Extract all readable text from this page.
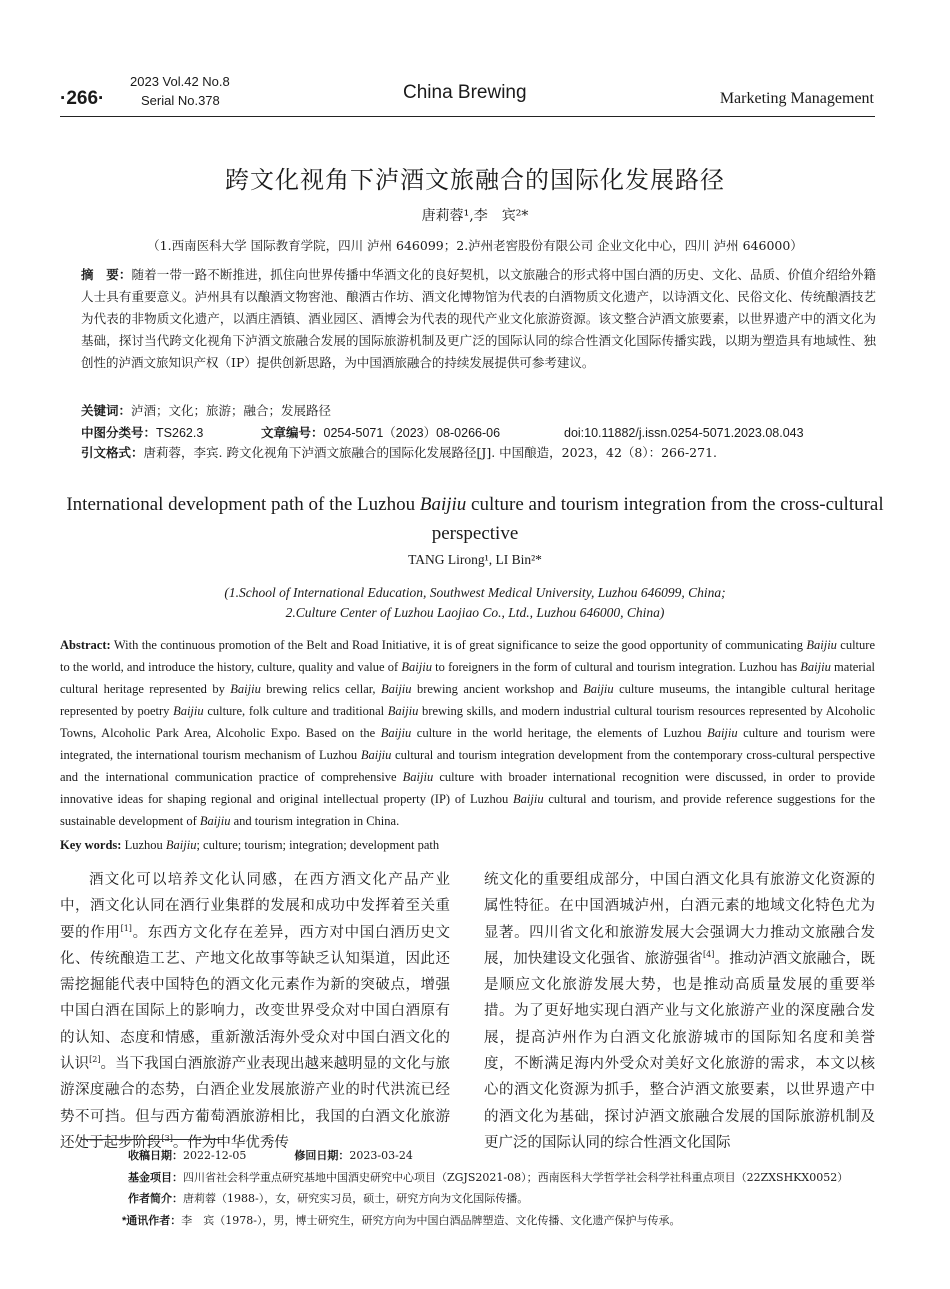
·266·
2023 Vol.42 No.8
Serial No.378	China Brewing	Marketing Management
跨文化视角下泸酒文旅融合的国际化发展路径
唐莉蓉¹,李　宾²*
（1.西南医科大学 国际教育学院，四川 泸州 646099；2.泸州老窖股份有限公司 企业文化中心，四川 泸州 646000）
摘　要：随着一带一路不断推进，抓住向世界传播中华酒文化的良好契机，以文旅融合的形式将中国白酒的历史、文化、品质、价值介绍给外籍人士具有重要意义。泸州具有以酿酒文物窖池、酿酒古作坊、酒文化博物馆为代表的白酒物质文化遗产，以诗酒文化、民俗文化、传统酿酒技艺为代表的非物质文化遗产，以酒庄酒镇、酒业园区、酒博会为代表的现代产业文化旅游资源。该文整合泸酒文旅要素，以世界遗产中的酒文化为基础，探讨当代跨文化视角下泸酒文旅融合发展的国际旅游机制及更广泛的国际认同的综合性酒文化国际传播实践，以期为塑造具有地域性、独创性的泸酒文旅知识产权（IP）提供创新思路，为中国酒旅融合的持续发展提供可参考建议。
关键词：泸酒；文化；旅游；融合；发展路径
中图分类号： TS262.3	文章编号： 0254-5071（2023）08-0266-06	doi:10.11882/j.issn.0254-5071.2023.08.043
引文格式：唐莉蓉，李宾. 跨文化视角下泸酒文旅融合的国际化发展路径[J]. 中国酿造，2023，42（8）：266-271.
International development path of the Luzhou Baijiu culture and tourism integration from the cross-cultural perspective
TANG Lirong¹, LI Bin²*
(1.School of International Education, Southwest Medical University, Luzhou 646099, China;
2.Culture Center of Luzhou Laojiao Co., Ltd., Luzhou 646000, China)
Abstract: With the continuous promotion of the Belt and Road Initiative, it is of great significance to seize the good opportunity of communicating Baijiu culture to the world, and introduce the history, culture, quality and value of Baijiu to foreigners in the form of cultural and tourism integration. Luzhou has Baijiu material cultural heritage represented by Baijiu brewing relics cellar, Baijiu brewing ancient workshop and Baijiu culture museums, the intangible cultural heritage represented by poetry Baijiu culture, folk culture and traditional Baijiu brewing skills, and modern industrial cultural tourism resources represented by Alcoholic Towns, Alcoholic Park Area, Alcoholic Expo. Based on the Baijiu culture in the world heritage, the elements of Luzhou Baijiu culture and tourism were integrated, the international tourism mechanism of Luzhou Baijiu cultural and tourism integration development from the contemporary cross-cultural perspective and the international communication practice of comprehensive Baijiu culture with broader international recognition were discussed, in order to provide innovative ideas for shaping regional and original intellectual property (IP) of Luzhou Baijiu cultural and tourism, and provide reference suggestions for the sustainable development of Baijiu and tourism integration in China.
Key words: Luzhou Baijiu; culture; tourism; integration; development path
酒文化可以培养文化认同感，在西方酒文化产品产业中，酒文化认同在酒行业集群的发展和成功中发挥着至关重要的作用[1]。东西方文化存在差异，西方对中国白酒历史文化、传统酿造工艺、产地文化故事等缺乏认知渠道，因此还需挖掘能代表中国特色的酒文化元素作为新的突破点，增强中国白酒在国际上的影响力，改变世界受众对中国白酒原有的认知、态度和情感，重新激活海外受众对中国白酒文化的认识[2]。当下我国白酒旅游产业表现出越来越明显的文化与旅游深度融合的态势，白酒企业发展旅游产业的时代洪流已经势不可挡。但与西方葡萄酒旅游相比，我国的白酒文化旅游还处于起步阶段[3]。作为中华优秀传
统文化的重要组成部分，中国白酒文化具有旅游文化资源的属性特征。在中国酒城泸州，白酒元素的地域文化特色尤为显著。四川省文化和旅游发展大会强调大力推动文旅融合发展，加快建设文化强省、旅游强省[4]。推动泸酒文旅融合，既是顺应文化旅游发展大势，也是推动高质量发展的重要举措。为了更好地实现白酒产业与文化旅游产业的深度融合发展，提高泸州作为白酒文化旅游城市的国际知名度和美誉度，不断满足海内外受众对美好文化旅游的需求，本文以核心的酒文化资源为抓手，整合泸酒文旅要素，以世界遗产中的酒文化为基础，探讨泸酒文旅融合发展的国际旅游机制及更广泛的国际认同的综合性酒文化国际
收稿日期：2022-12-05	修回日期：2023-03-24
基金项目：四川省社会科学重点研究基地中国酒史研究中心项目（ZGJS2021-08）；西南医科大学哲学社会科学社科重点项目（22ZXSHKX0052）
作者简介：唐莉蓉（1988-），女，研究实习员，硕士，研究方向为文化国际传播。
*通讯作者：李　宾（1978-），男，博士研究生，研究方向为中国白酒品牌塑造、文化传播、文化遗产保护与传承。
